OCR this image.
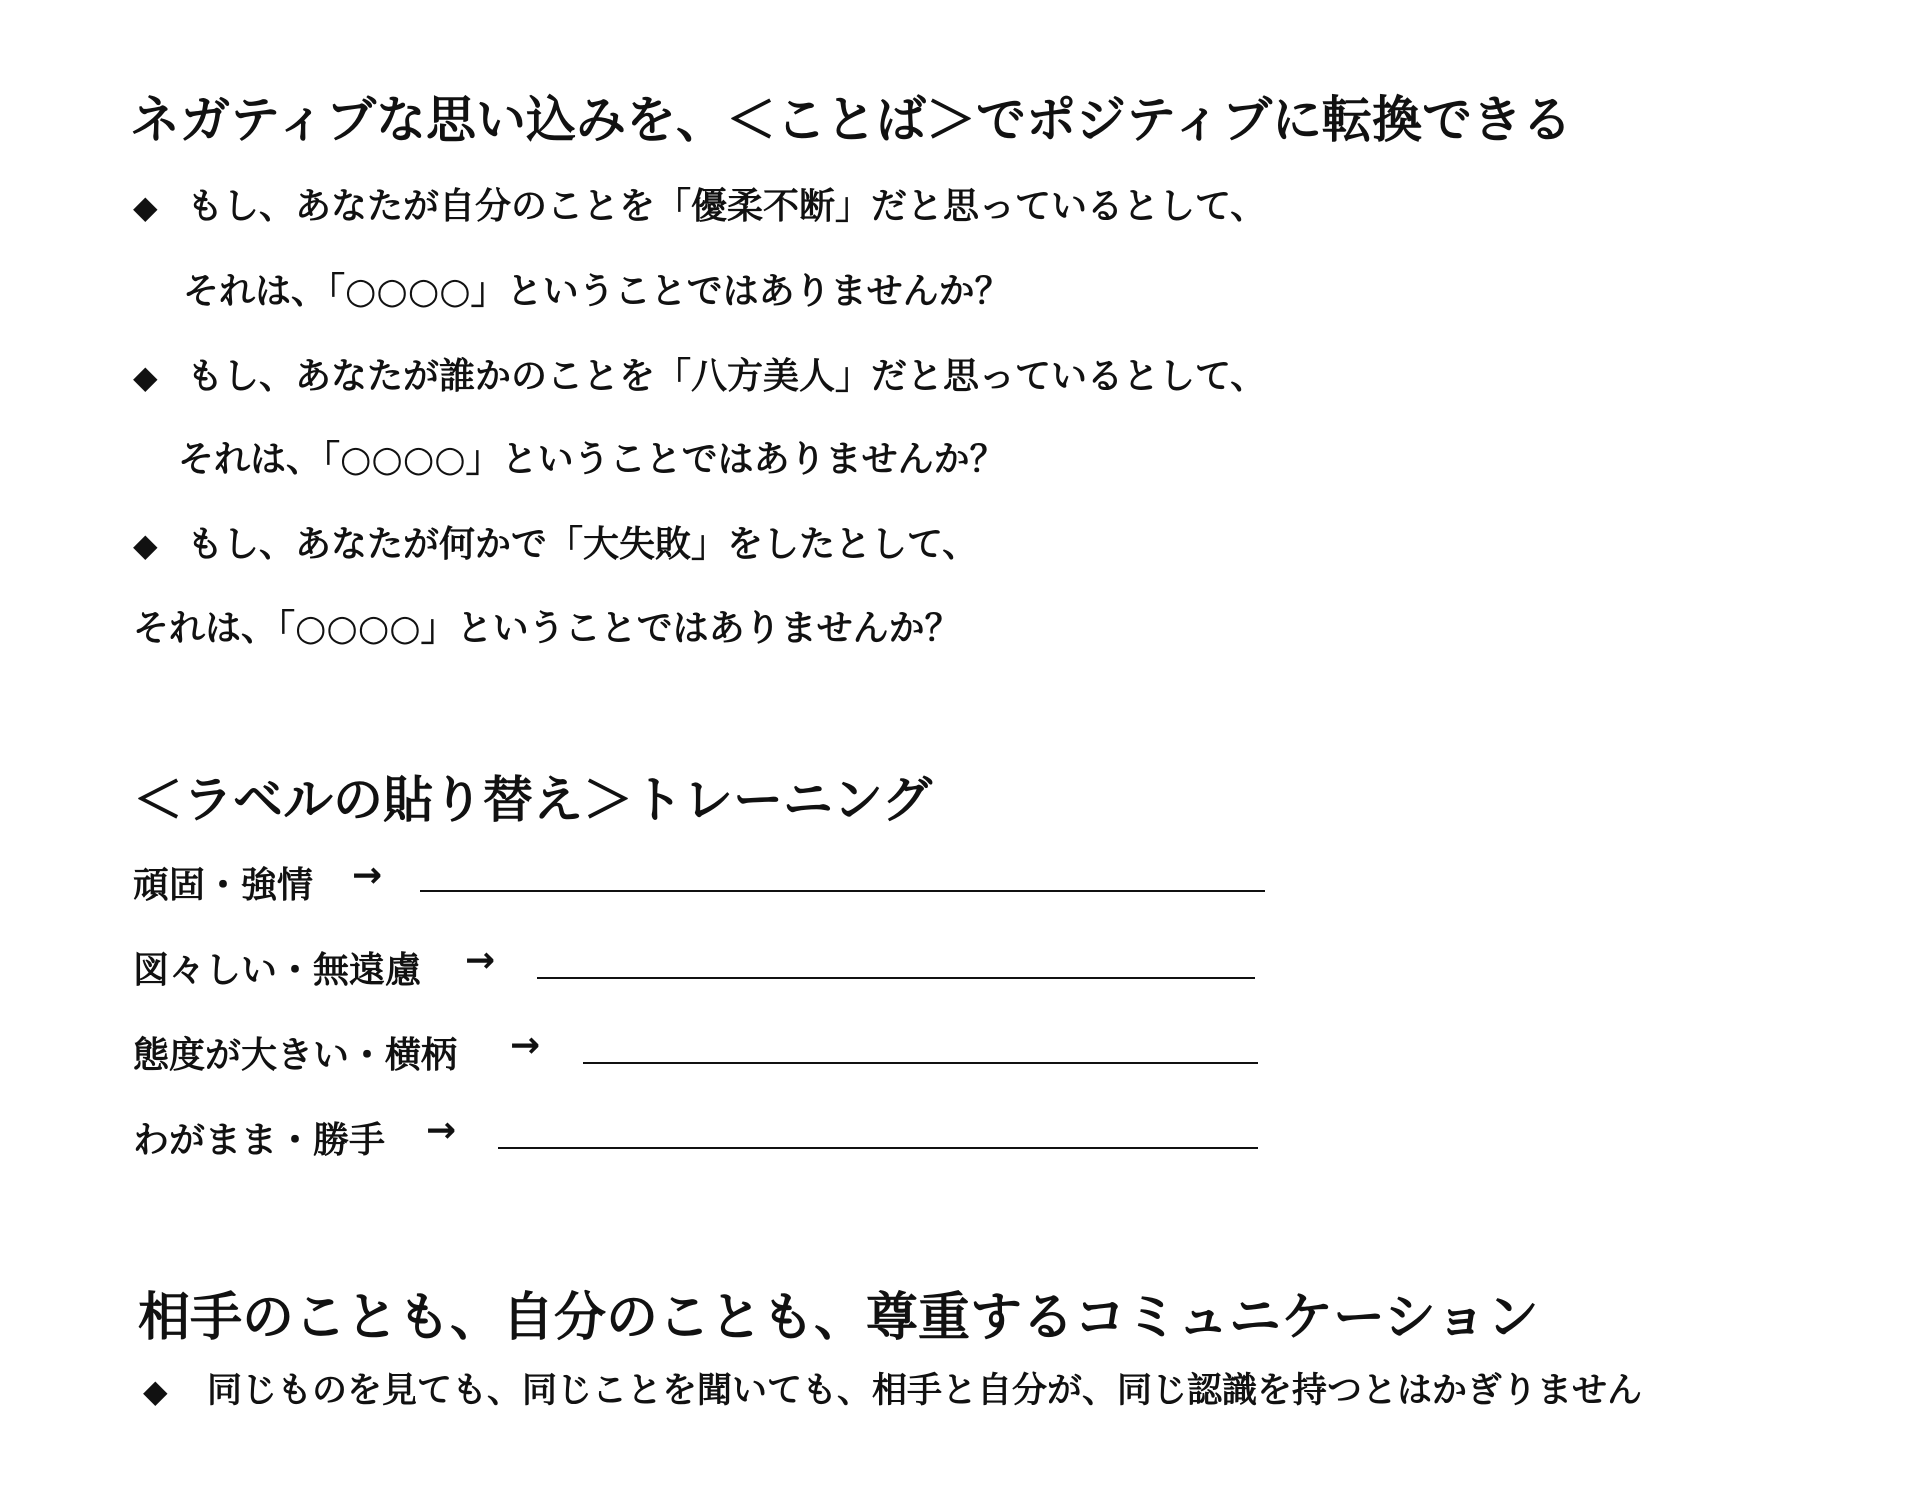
ネガティブな思い込みを、＜ことば＞でポジティブに転換できる
◆ もし、あなたが自分のことを「優柔不断」だと思っているとして、
それは、「○○○○」ということではありませんか？
◆ もし、あなたが誰かのことを「八方美人」だと思っているとして、
それは、「○○○○」ということではありませんか？
◆ もし、あなたが何かで「大失敗」をしたとして、
それは、「○○○○」ということではありませんか？
＜ラベルの貼り替え＞トレーニング
頑固・強情 →
図々しい・無遠慮 →
態度が大きい・横柄 →
わがまま・勝手 →
相手のことも、自分のことも、尊重するコミュニケーション
◆ 同じものを見ても、同じことを聞いても、相手と自分が、同じ認識を持つとはかぎりません
